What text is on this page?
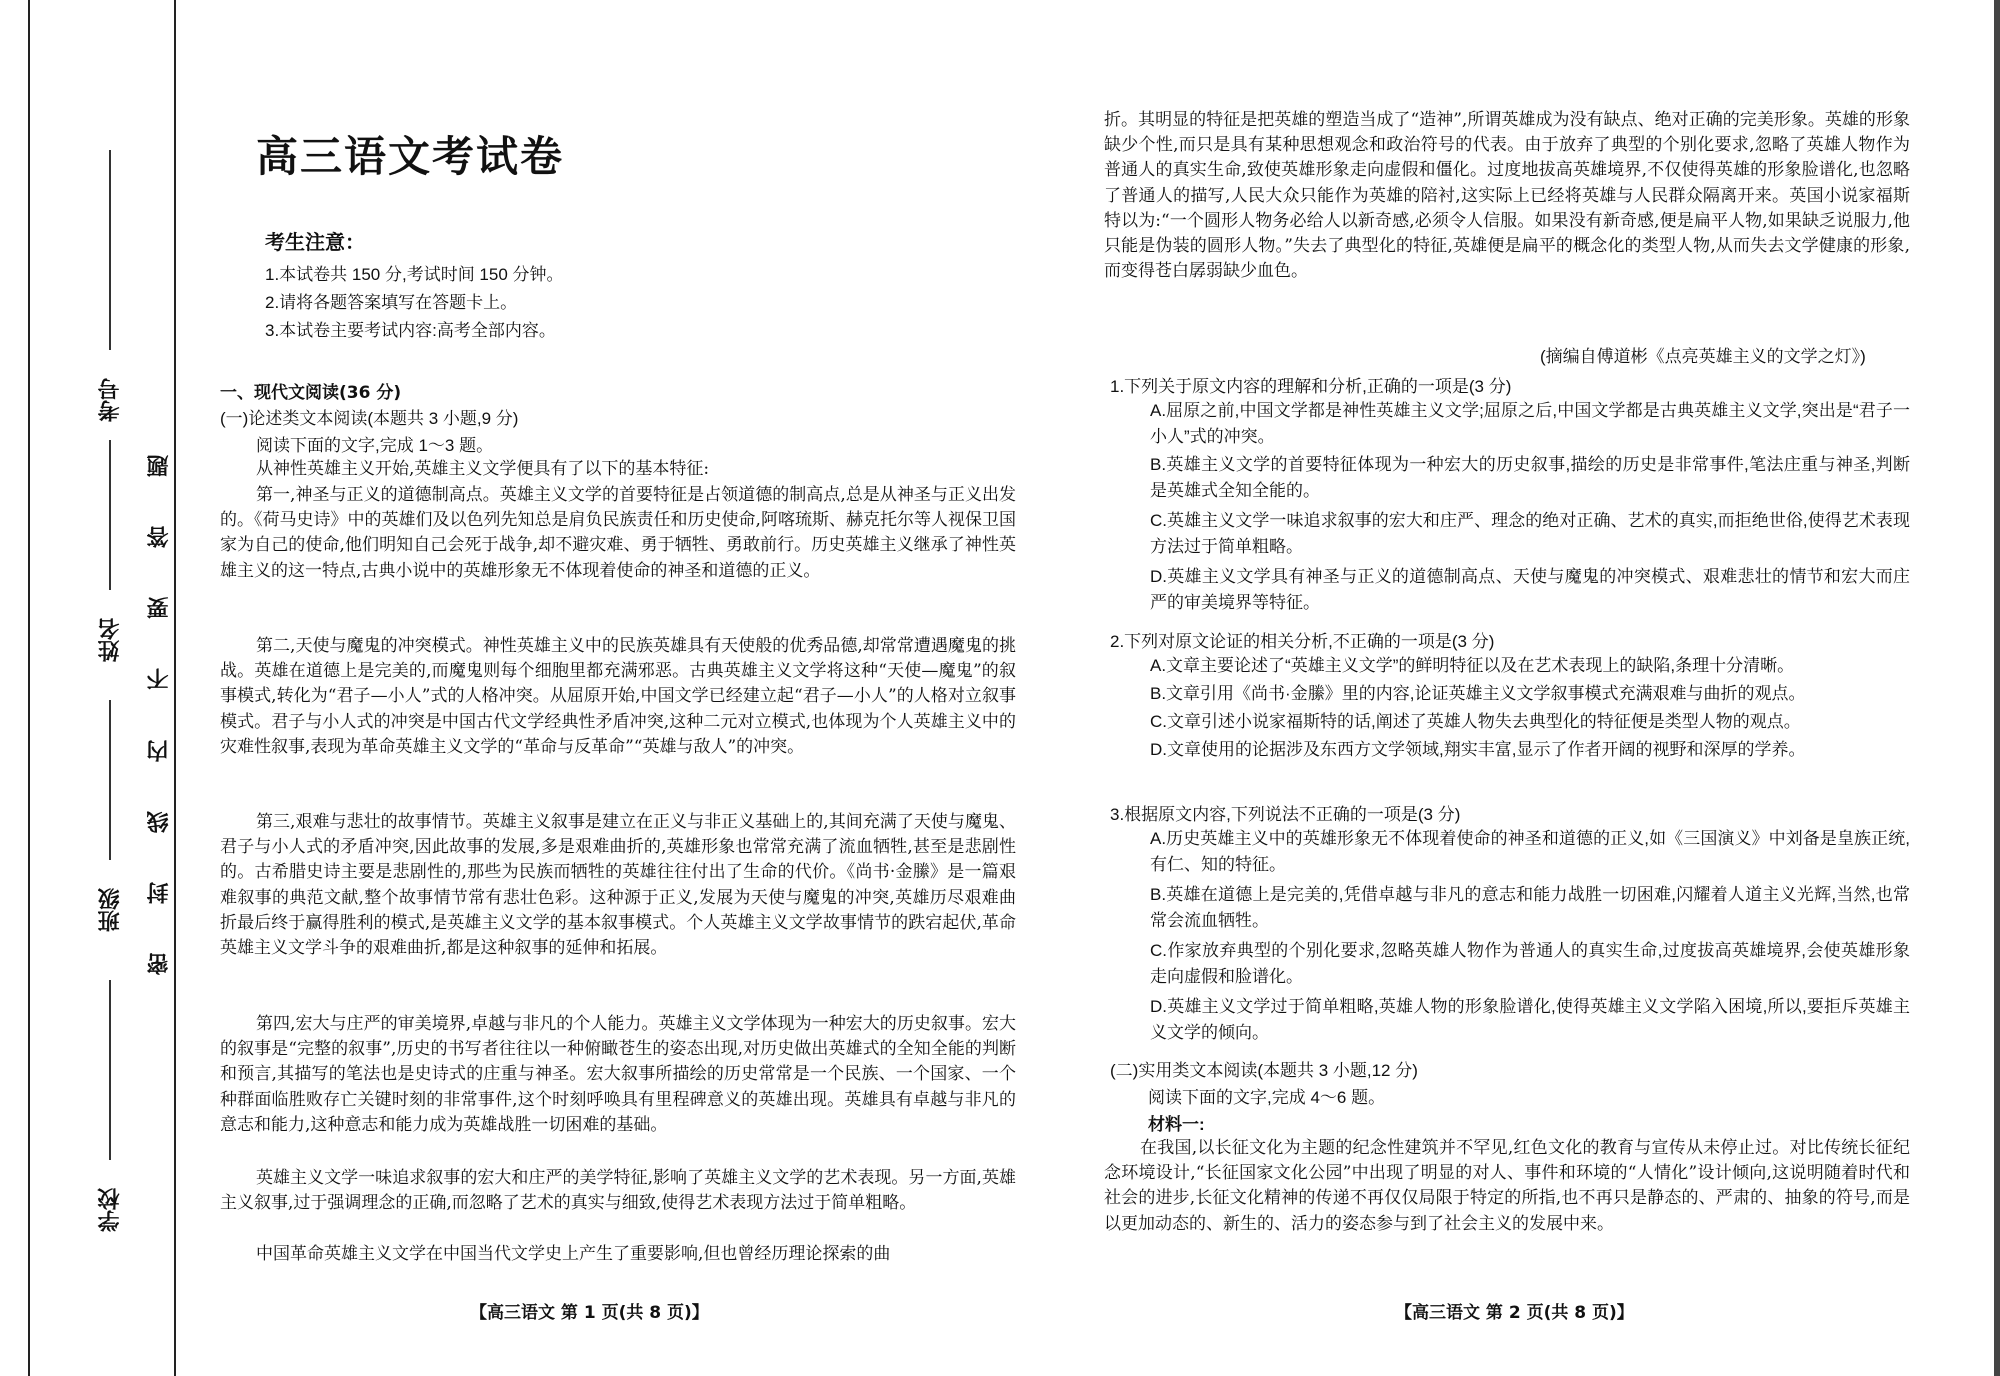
考号
姓名
班级
学校
题
答
要
不
内
线
封
密
高三语文考试卷
考生注意：
1.本试卷共 150 分,考试时间 150 分钟。
2.请将各题答案填写在答题卡上。
3.本试卷主要考试内容:高考全部内容。
一、现代文阅读(36 分)
(一)论述类文本阅读(本题共 3 小题,9 分)
阅读下面的文字,完成 1～3 题。
从神性英雄主义开始,英雄主义文学便具有了以下的基本特征:
第一,神圣与正义的道德制高点。英雄主义文学的首要特征是占领道德的制高点,总是从神圣与正义出发的。《荷马史诗》中的英雄们及以色列先知总是肩负民族责任和历史使命,阿喀琉斯、赫克托尔等人视保卫国家为自己的使命,他们明知自己会死于战争,却不避灾难、勇于牺牲、勇敢前行。历史英雄主义继承了神性英雄主义的这一特点,古典小说中的英雄形象无不体现着使命的神圣和道德的正义。
第二,天使与魔鬼的冲突模式。神性英雄主义中的民族英雄具有天使般的优秀品德,却常常遭遇魔鬼的挑战。英雄在道德上是完美的,而魔鬼则每个细胞里都充满邪恶。古典英雄主义文学将这种“天使—魔鬼”的叙事模式,转化为“君子—小人”式的人格冲突。从屈原开始,中国文学已经建立起“君子—小人”的人格对立叙事模式。君子与小人式的冲突是中国古代文学经典性矛盾冲突,这种二元对立模式,也体现为个人英雄主义中的灾难性叙事,表现为革命英雄主义文学的“革命与反革命”“英雄与敌人”的冲突。
第三,艰难与悲壮的故事情节。英雄主义叙事是建立在正义与非正义基础上的,其间充满了天使与魔鬼、君子与小人式的矛盾冲突,因此故事的发展,多是艰难曲折的,英雄形象也常常充满了流血牺牲,甚至是悲剧性的。古希腊史诗主要是悲剧性的,那些为民族而牺牲的英雄往往付出了生命的代价。《尚书·金縢》是一篇艰难叙事的典范文献,整个故事情节常有悲壮色彩。这种源于正义,发展为天使与魔鬼的冲突,英雄历尽艰难曲折最后终于赢得胜利的模式,是英雄主义文学的基本叙事模式。个人英雄主义文学故事情节的跌宕起伏,革命英雄主义文学斗争的艰难曲折,都是这种叙事的延伸和拓展。
第四,宏大与庄严的审美境界,卓越与非凡的个人能力。英雄主义文学体现为一种宏大的历史叙事。宏大的叙事是“完整的叙事”,历史的书写者往往以一种俯瞰苍生的姿态出现,对历史做出英雄式的全知全能的判断和预言,其描写的笔法也是史诗式的庄重与神圣。宏大叙事所描绘的历史常常是一个民族、一个国家、一个种群面临胜败存亡关键时刻的非常事件,这个时刻呼唤具有里程碑意义的英雄出现。英雄具有卓越与非凡的意志和能力,这种意志和能力成为英雄战胜一切困难的基础。
英雄主义文学一味追求叙事的宏大和庄严的美学特征,影响了英雄主义文学的艺术表现。另一方面,英雄主义叙事,过于强调理念的正确,而忽略了艺术的真实与细致,使得艺术表现方法过于简单粗略。
中国革命英雄主义文学在中国当代文学史上产生了重要影响,但也曾经历理论探索的曲
【高三语文 第 1 页(共 8 页)】
折。其明显的特征是把英雄的塑造当成了“造神”,所谓英雄成为没有缺点、绝对正确的完美形象。英雄的形象缺少个性,而只是具有某种思想观念和政治符号的代表。由于放弃了典型的个别化要求,忽略了英雄人物作为普通人的真实生命,致使英雄形象走向虚假和僵化。过度地拔高英雄境界,不仅使得英雄的形象脸谱化,也忽略了普通人的描写,人民大众只能作为英雄的陪衬,这实际上已经将英雄与人民群众隔离开来。英国小说家福斯特以为:“一个圆形人物务必给人以新奇感,必须令人信服。如果没有新奇感,便是扁平人物,如果缺乏说服力,他只能是伪装的圆形人物。”失去了典型化的特征,英雄便是扁平的概念化的类型人物,从而失去文学健康的形象,而变得苍白孱弱缺少血色。
(摘编自傅道彬《点亮英雄主义的文学之灯》)
1.下列关于原文内容的理解和分析,正确的一项是(3 分)
A.屈原之前,中国文学都是神性英雄主义文学;屈原之后,中国文学都是古典英雄主义文学,突出是“君子一小人”式的冲突。
B.英雄主义文学的首要特征体现为一种宏大的历史叙事,描绘的历史是非常事件,笔法庄重与神圣,判断是英雄式全知全能的。
C.英雄主义文学一味追求叙事的宏大和庄严、理念的绝对正确、艺术的真实,而拒绝世俗,使得艺术表现方法过于简单粗略。
D.英雄主义文学具有神圣与正义的道德制高点、天使与魔鬼的冲突模式、艰难悲壮的情节和宏大而庄严的审美境界等特征。
2.下列对原文论证的相关分析,不正确的一项是(3 分)
A.文章主要论述了“英雄主义文学”的鲜明特征以及在艺术表现上的缺陷,条理十分清晰。
B.文章引用《尚书·金縢》里的内容,论证英雄主义文学叙事模式充满艰难与曲折的观点。
C.文章引述小说家福斯特的话,阐述了英雄人物失去典型化的特征便是类型人物的观点。
D.文章使用的论据涉及东西方文学领域,翔实丰富,显示了作者开阔的视野和深厚的学养。
3.根据原文内容,下列说法不正确的一项是(3 分)
A.历史英雄主义中的英雄形象无不体现着使命的神圣和道德的正义,如《三国演义》中刘备是皇族正统,有仁、知的特征。
B.英雄在道德上是完美的,凭借卓越与非凡的意志和能力战胜一切困难,闪耀着人道主义光辉,当然,也常常会流血牺牲。
C.作家放弃典型的个别化要求,忽略英雄人物作为普通人的真实生命,过度拔高英雄境界,会使英雄形象走向虚假和脸谱化。
D.英雄主义文学过于简单粗略,英雄人物的形象脸谱化,使得英雄主义文学陷入困境,所以,要拒斥英雄主义文学的倾向。
(二)实用类文本阅读(本题共 3 小题,12 分)
阅读下面的文字,完成 4～6 题。
材料一:
在我国,以长征文化为主题的纪念性建筑并不罕见,红色文化的教育与宣传从未停止过。对比传统长征纪念环境设计,“长征国家文化公园”中出现了明显的对人、事件和环境的“人情化”设计倾向,这说明随着时代和社会的进步,长征文化精神的传递不再仅仅局限于特定的所指,也不再只是静态的、严肃的、抽象的符号,而是以更加动态的、新生的、活力的姿态参与到了社会主义的发展中来。
【高三语文 第 2 页(共 8 页)】
